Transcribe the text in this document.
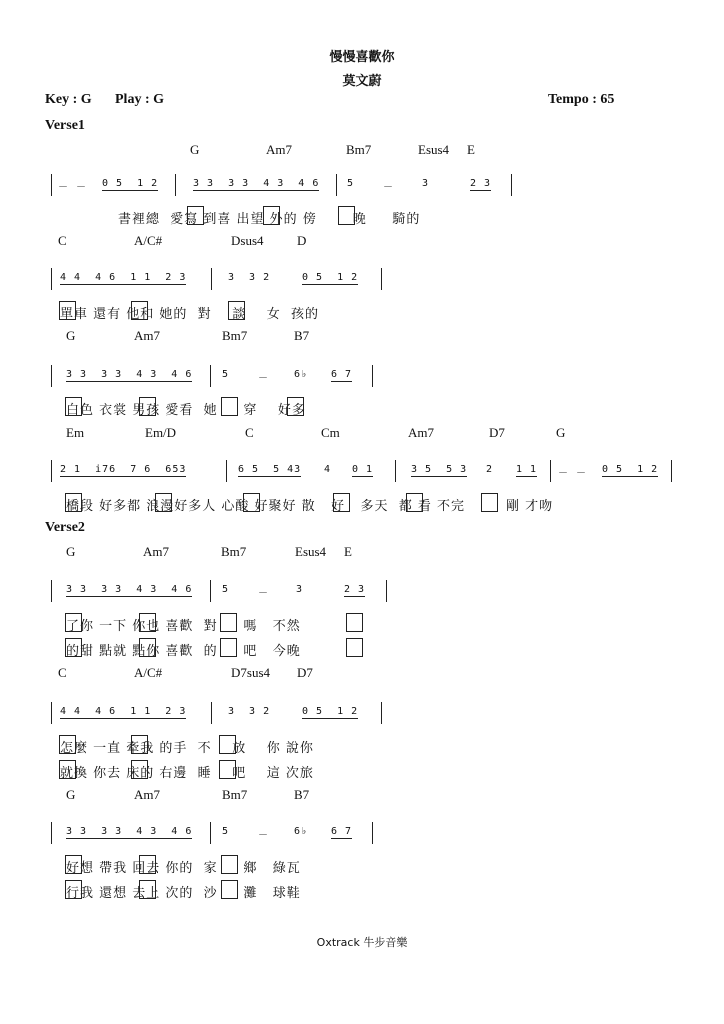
慢慢喜歡你
莫文蔚
Key : G Play : G	Tempo : 65
Verse1
G	Am7	Bm7	Esus4 E
－ － 0 5  1 2	3 3  3 3  4 3  4 6	5	－	3	2 3
書裡總  愛寫 到喜 出望 外的 傍       晚     騎的
C	A/C#	Dsus4	D
4 4  4 6  1 1  2 3	3  3 2	0 5  1 2
單車 還有 他和 她的  對    談    女  孩的
G	Am7	Bm7	B7
3 3  3 3  4 3  4 6	5	－	6♭ 6 7
白色 衣裳 男孩 愛看  她     穿    好多
Em	Em/D	C	Cm	Am7	D7	G
2 1  i76  7 6  653	6 5  5 43 4 0 1	3 5  5 3 2 1 1 － － 0 5  1 2
橋段 好多都 浪漫好多人 心酸 好聚好 散   好   多天  都 看 不完        剛 才吻
Verse2
G	Am7	Bm7	Esus4 E
3 3  3 3  4 3  4 6	5	－	3	2 3
了你 一下 你也 喜歡  對     嗎   不然
的甜 點就 點你 喜歡  的     吧   今晚
C	A/C#	D7sus4 D7
4 4  4 6  1 1  2 3	3  3 2	0 5  1 2
怎麼 一直 牽我 的手  不    放    你 說你
就換 你去 床的 右邊  睡    吧    這 次旅
G	Am7	Bm7	B7
3 3  3 3  4 3  4 6	5	－	6♭ 6 7
好想 帶我 回去 你的  家     鄉   綠瓦
行我 還想 去上 次的  沙     灘   球鞋
Oxtrack 牛步音樂
